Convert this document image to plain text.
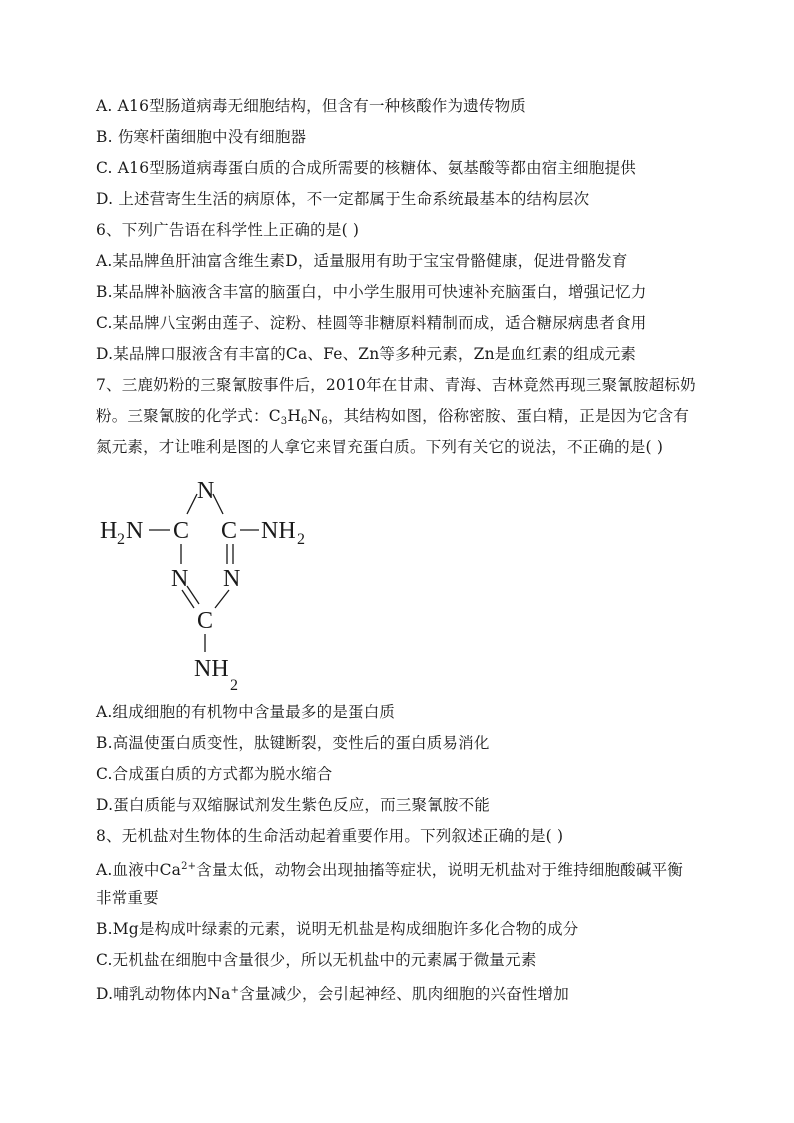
A. A16型肠道病毒无细胞结构，但含有一种核酸作为遗传物质
B. 伤寒杆菌细胞中没有细胞器
C. A16型肠道病毒蛋白质的合成所需要的核糖体、氨基酸等都由宿主细胞提供
D. 上述营寄生生活的病原体，不一定都属于生命系统最基本的结构层次
6、下列广告语在科学性上正确的是( )
A.某品牌鱼肝油富含维生素D，适量服用有助于宝宝骨骼健康，促进骨骼发育
B.某品牌补脑液含丰富的脑蛋白，中小学生服用可快速补充脑蛋白，增强记忆力
C.某品牌八宝粥由莲子、淀粉、桂圆等非糖原料精制而成，适合糖尿病患者食用
D.某品牌口服液含有丰富的Ca、Fe、Zn等多种元素，Zn是血红素的组成元素
7、三鹿奶粉的三聚氰胺事件后，2010年在甘肃、青海、吉林竟然再现三聚氰胺超标奶
粉。三聚氰胺的化学式：$C_3H_6N_6$，其结构如图，俗称密胺、蛋白精，正是因为它含有
氮元素，才让唯利是图的人拿它来冒充蛋白质。下列有关它的说法，不正确的是( )
N
C C
N N
C
H 2 N	NH 2
NH
2
A.组成细胞的有机物中含量最多的是蛋白质
B.高温使蛋白质变性，肽键断裂，变性后的蛋白质易消化
C.合成蛋白质的方式都为脱水缩合
D.蛋白质能与双缩脲试剂发生紫色反应，而三聚氰胺不能
8、无机盐对生物体的生命活动起着重要作用。下列叙述正确的是( )
A.血液中$Ca^{2+}$含量太低，动物会出现抽搐等症状，说明无机盐对于维持细胞酸碱平衡
非常重要
B.Mg是构成叶绿素的元素，说明无机盐是构成细胞许多化合物的成分
C.无机盐在细胞中含量很少，所以无机盐中的元素属于微量元素
D.哺乳动物体内Na+含量减少，会引起神经、肌肉细胞的兴奋性增加
